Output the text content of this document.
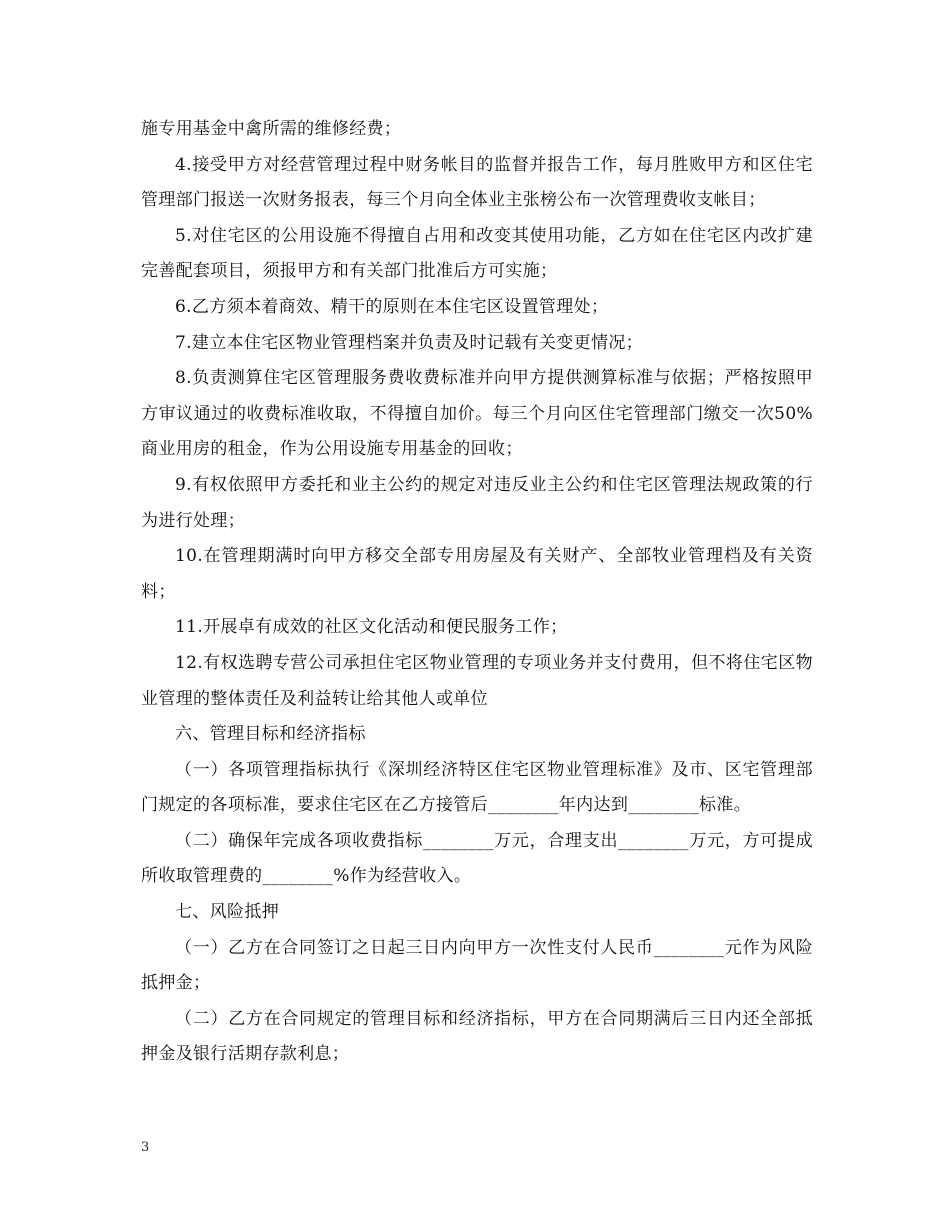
施专用基金中禽所需的维修经费；

4.接受甲方对经营管理过程中财务帐目的监督并报告工作，每月胜败甲方和区住宅管理部门报送一次财务报表，每三个月向全体业主张榜公布一次管理费收支帐目；

5.对住宅区的公用设施不得擅自占用和改变其使用功能，乙方如在住宅区内改扩建完善配套项目，须报甲方和有关部门批准后方可实施；

6.乙方须本着商效、精干的原则在本住宅区设置管理处；

7.建立本住宅区物业管理档案并负责及时记载有关变更情况；

8.负责测算住宅区管理服务费收费标准并向甲方提供测算标准与依据；严格按照甲方审议通过的收费标准收取，不得擅自加价。每三个月向区住宅管理部门缴交一次50%商业用房的租金，作为公用设施专用基金的回收；

9.有权依照甲方委托和业主公约的规定对违反业主公约和住宅区管理法规政策的行为进行处理；

10.在管理期满时向甲方移交全部专用房屋及有关财产、全部牧业管理档及有关资料；

11.开展卓有成效的社区文化活动和便民服务工作；

12.有权选聘专营公司承担住宅区物业管理的专项业务并支付费用，但不将住宅区物业管理的整体责任及利益转让给其他人或单位

六、管理目标和经济指标

（一）各项管理指标执行《深圳经济特区住宅区物业管理标准》及市、区宅管理部门规定的各项标准，要求住宅区在乙方接管后________年内达到________标准。

（二）确保年完成各项收费指标________万元，合理支出________万元，方可提成所收取管理费的________%作为经营收入。

七、风险抵押

（一）乙方在合同签订之日起三日内向甲方一次性支付人民币________元作为风险抵押金；

（二）乙方在合同规定的管理目标和经济指标，甲方在合同期满后三日内还全部抵押金及银行活期存款利息；

3
